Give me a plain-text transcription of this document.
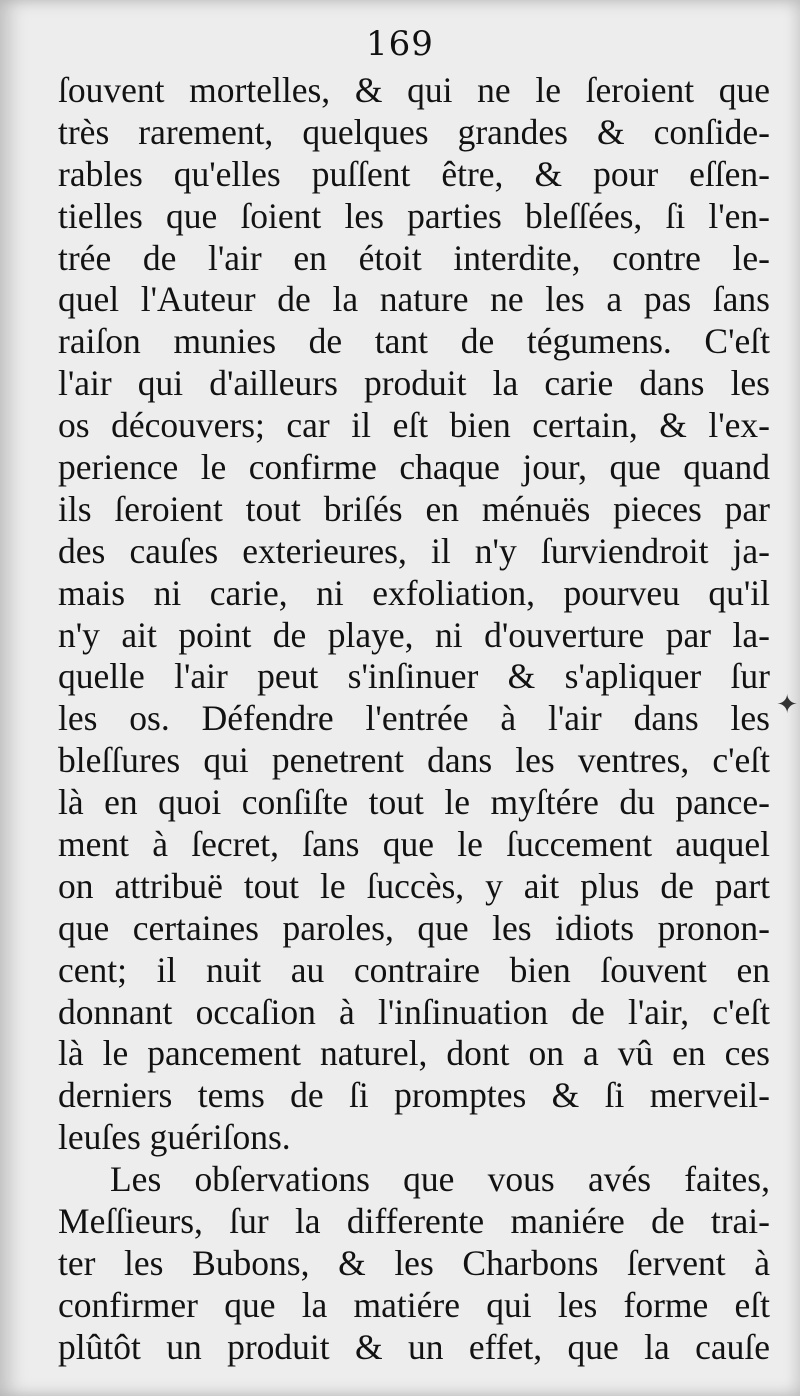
169
ſouvent mortelles, & qui ne le ſeroient que
très rarement, quelques grandes & conſide-
rables qu'elles puſſent être, & pour eſſen-
tielles que ſoient les parties bleſſées, ſi l'en-
trée de l'air en étoit interdite, contre le-
quel l'Auteur de la nature ne les a pas ſans
raiſon munies de tant de tégumens. C'eſt
l'air qui d'ailleurs produit la carie dans les
os découvers; car il eſt bien certain, & l'ex-
perience le confirme chaque jour, que quand
ils ſeroient tout briſés en ménuës pieces par
des cauſes exterieures, il n'y ſurviendroit ja-
mais ni carie, ni exfoliation, pourveu qu'il
n'y ait point de playe, ni d'ouverture par la-
quelle l'air peut s'inſinuer & s'apliquer ſur
les os. Défendre l'entrée à l'air dans les
bleſſures qui penetrent dans les ventres, c'eſt
là en quoi conſiſte tout le myſtére du pance-
ment à ſecret, ſans que le ſuccement auquel
on attribuë tout le ſuccès, y ait plus de part
que certaines paroles, que les idiots pronon-
cent; il nuit au contraire bien ſouvent en
donnant occaſion à l'inſinuation de l'air, c'eſt
là le pancement naturel, dont on a vû en ces
derniers tems de ſi promptes & ſi merveil-
leuſes guériſons.
Les obſervations que vous avés faites,
Meſſieurs, ſur la differente maniére de trai-
ter les Bubons, & les Charbons ſervent à
confirmer que la matiére qui les forme eſt
plûtôt un produit & un effet, que la cauſe
✦
